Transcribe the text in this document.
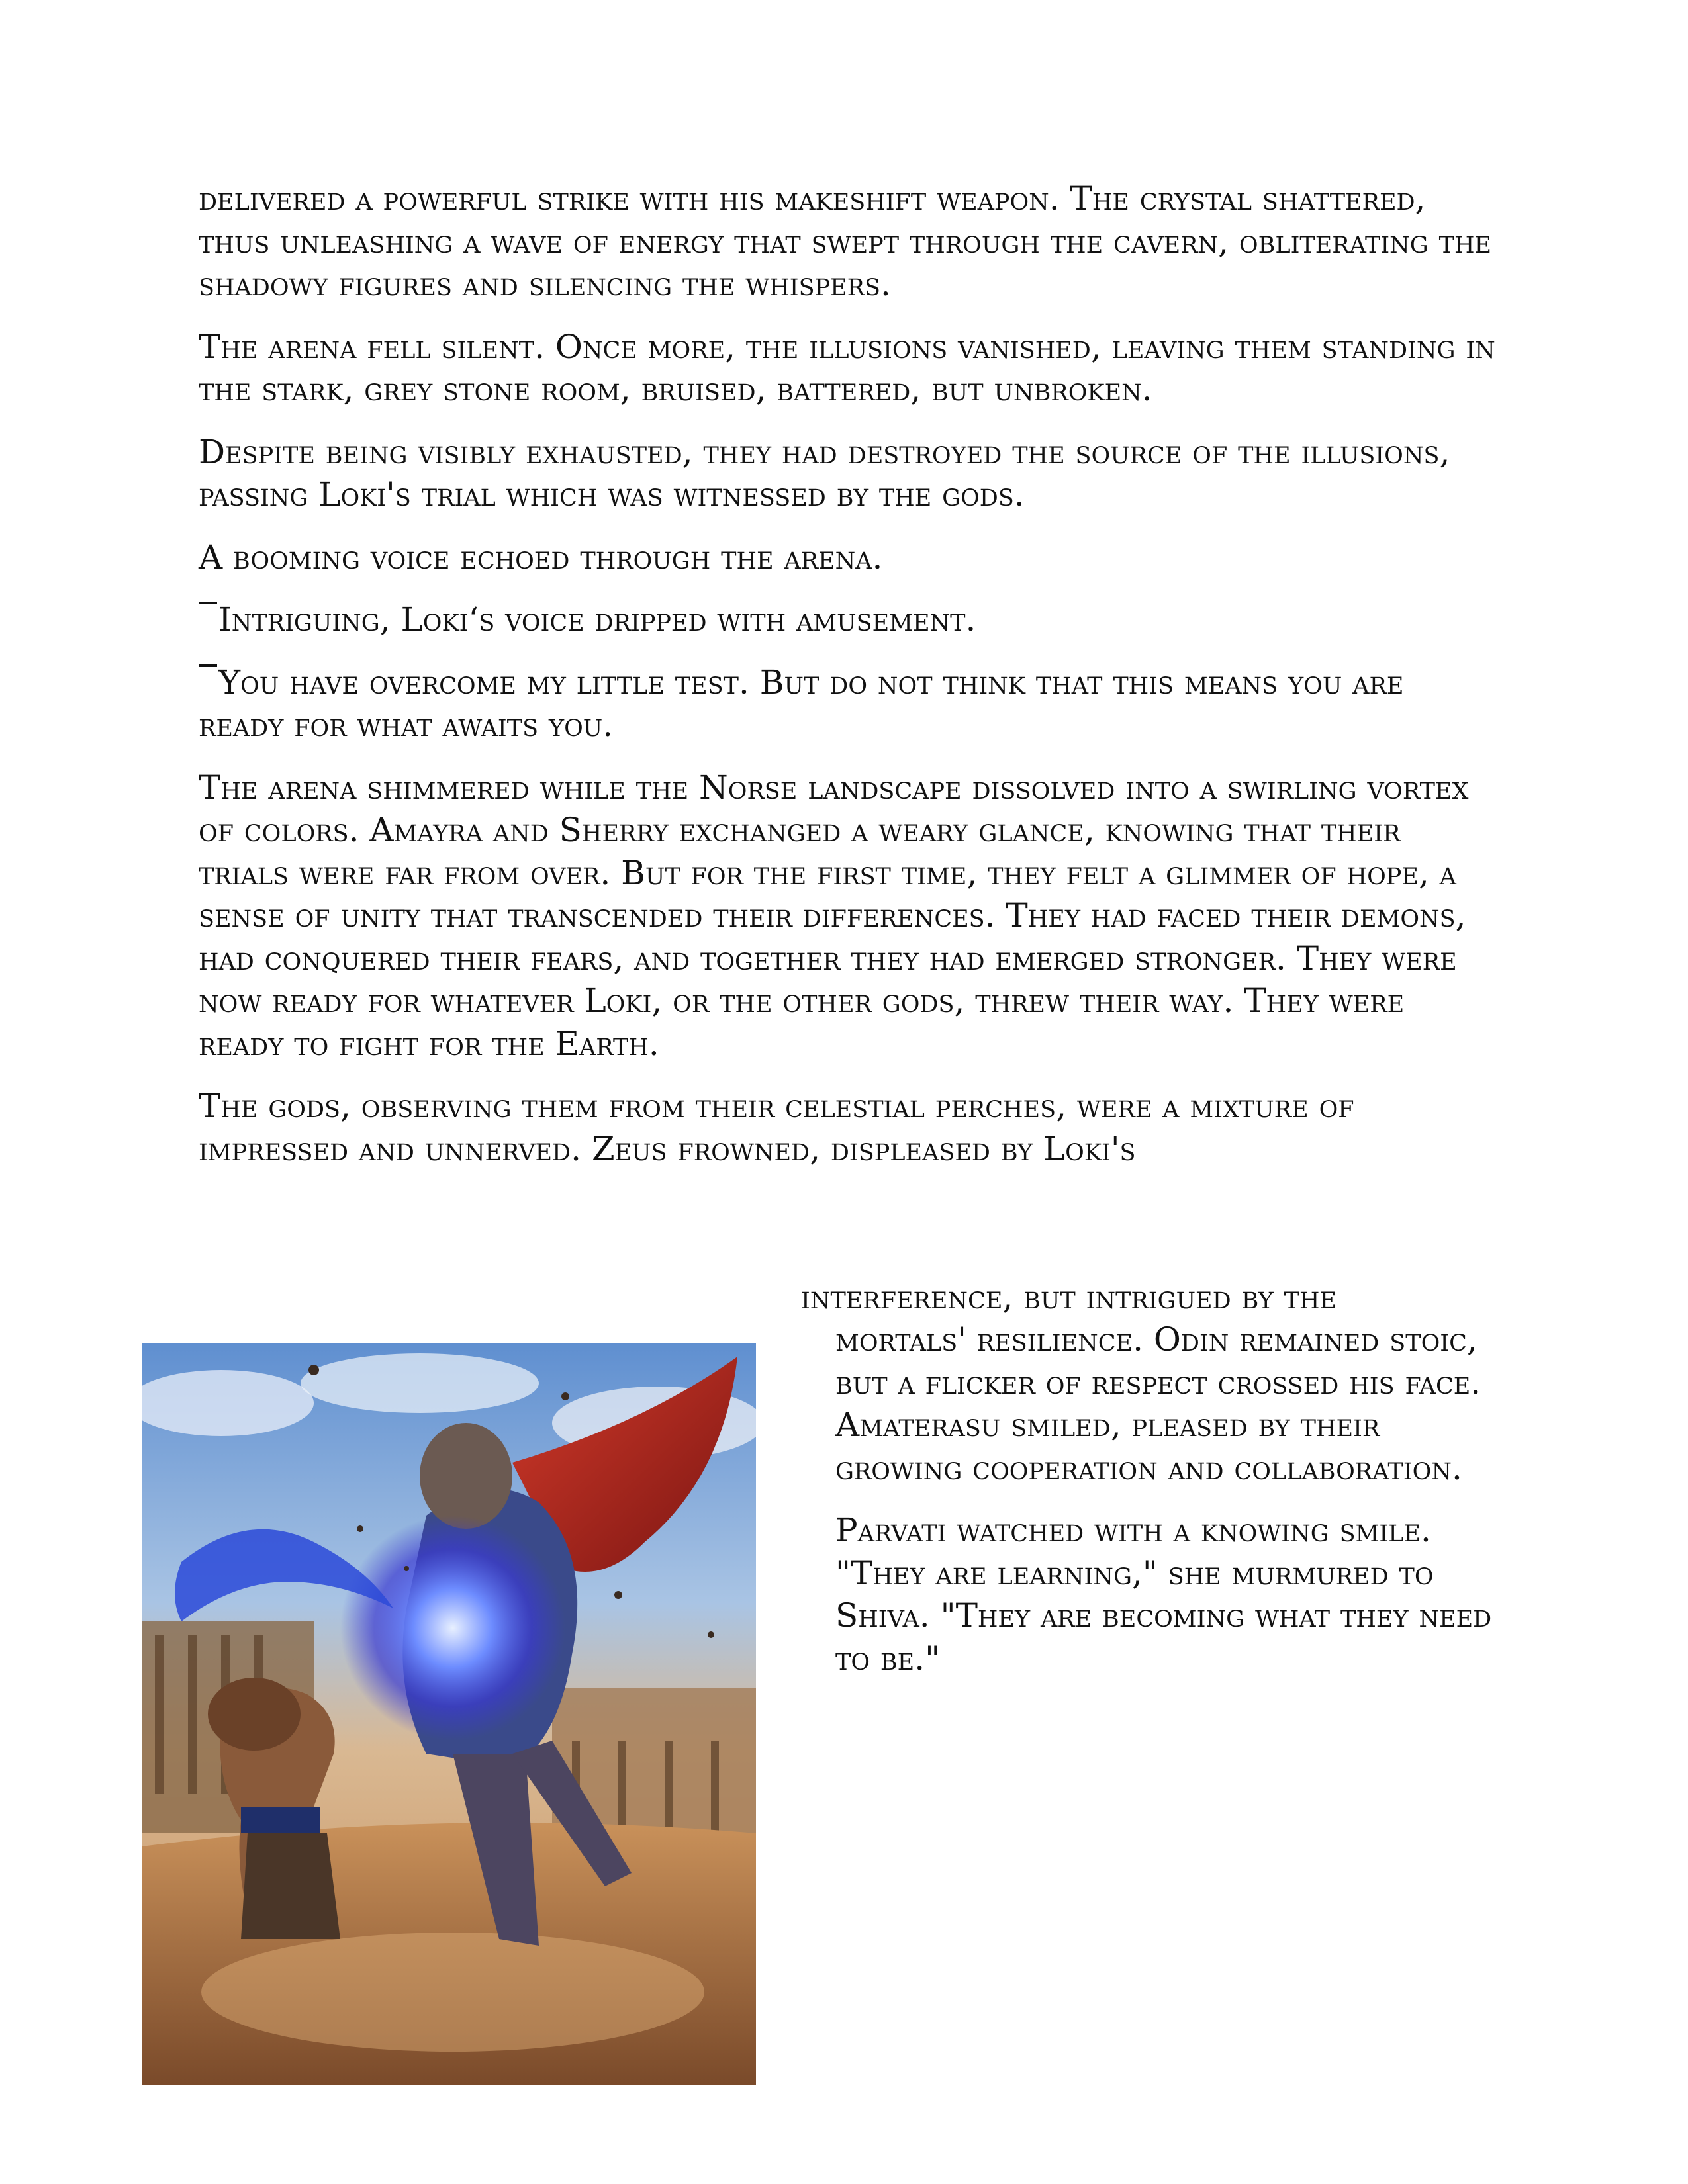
delivered a powerful strike with his makeshift weapon. The crystal shattered, thus unleashing a wave of energy that swept through the cavern, obliterating the shadowy figures and silencing the whispers.

The arena fell silent. Once more, the illusions vanished, leaving them standing in the stark, grey stone room, bruised, battered, but unbroken.

Despite being visibly exhausted, they had destroyed the source of the illusions, passing Loki's trial which was witnessed by the gods.

A booming voice echoed through the arena.

Intriguing, Loki‘s voice dripped with amusement.

You have overcome my little test. But do not think that this means you are ready for what awaits you.

The arena shimmered while the Norse landscape dissolved into a swirling vortex of colors. Amayra and Sherry exchanged a weary glance, knowing that their trials were far from over. But for the first time, they felt a glimmer of hope, a sense of unity that transcended their differences. They had faced their demons, had conquered their fears, and together they had emerged stronger. They were now ready for whatever Loki, or the other gods, threw their way. They were ready to fight for the Earth.

The gods, observing them from their celestial perches, were a mixture of impressed and unnerved. Zeus frowned, displeased by Loki's

interference, but intrigued by the

mortals' resilience. Odin remained stoic, but a flicker of respect crossed his face. Amaterasu smiled, pleased by their growing cooperation and collaboration.

Parvati watched with a knowing smile. "They are learning," she murmured to Shiva. "They are becoming what they need to be."
